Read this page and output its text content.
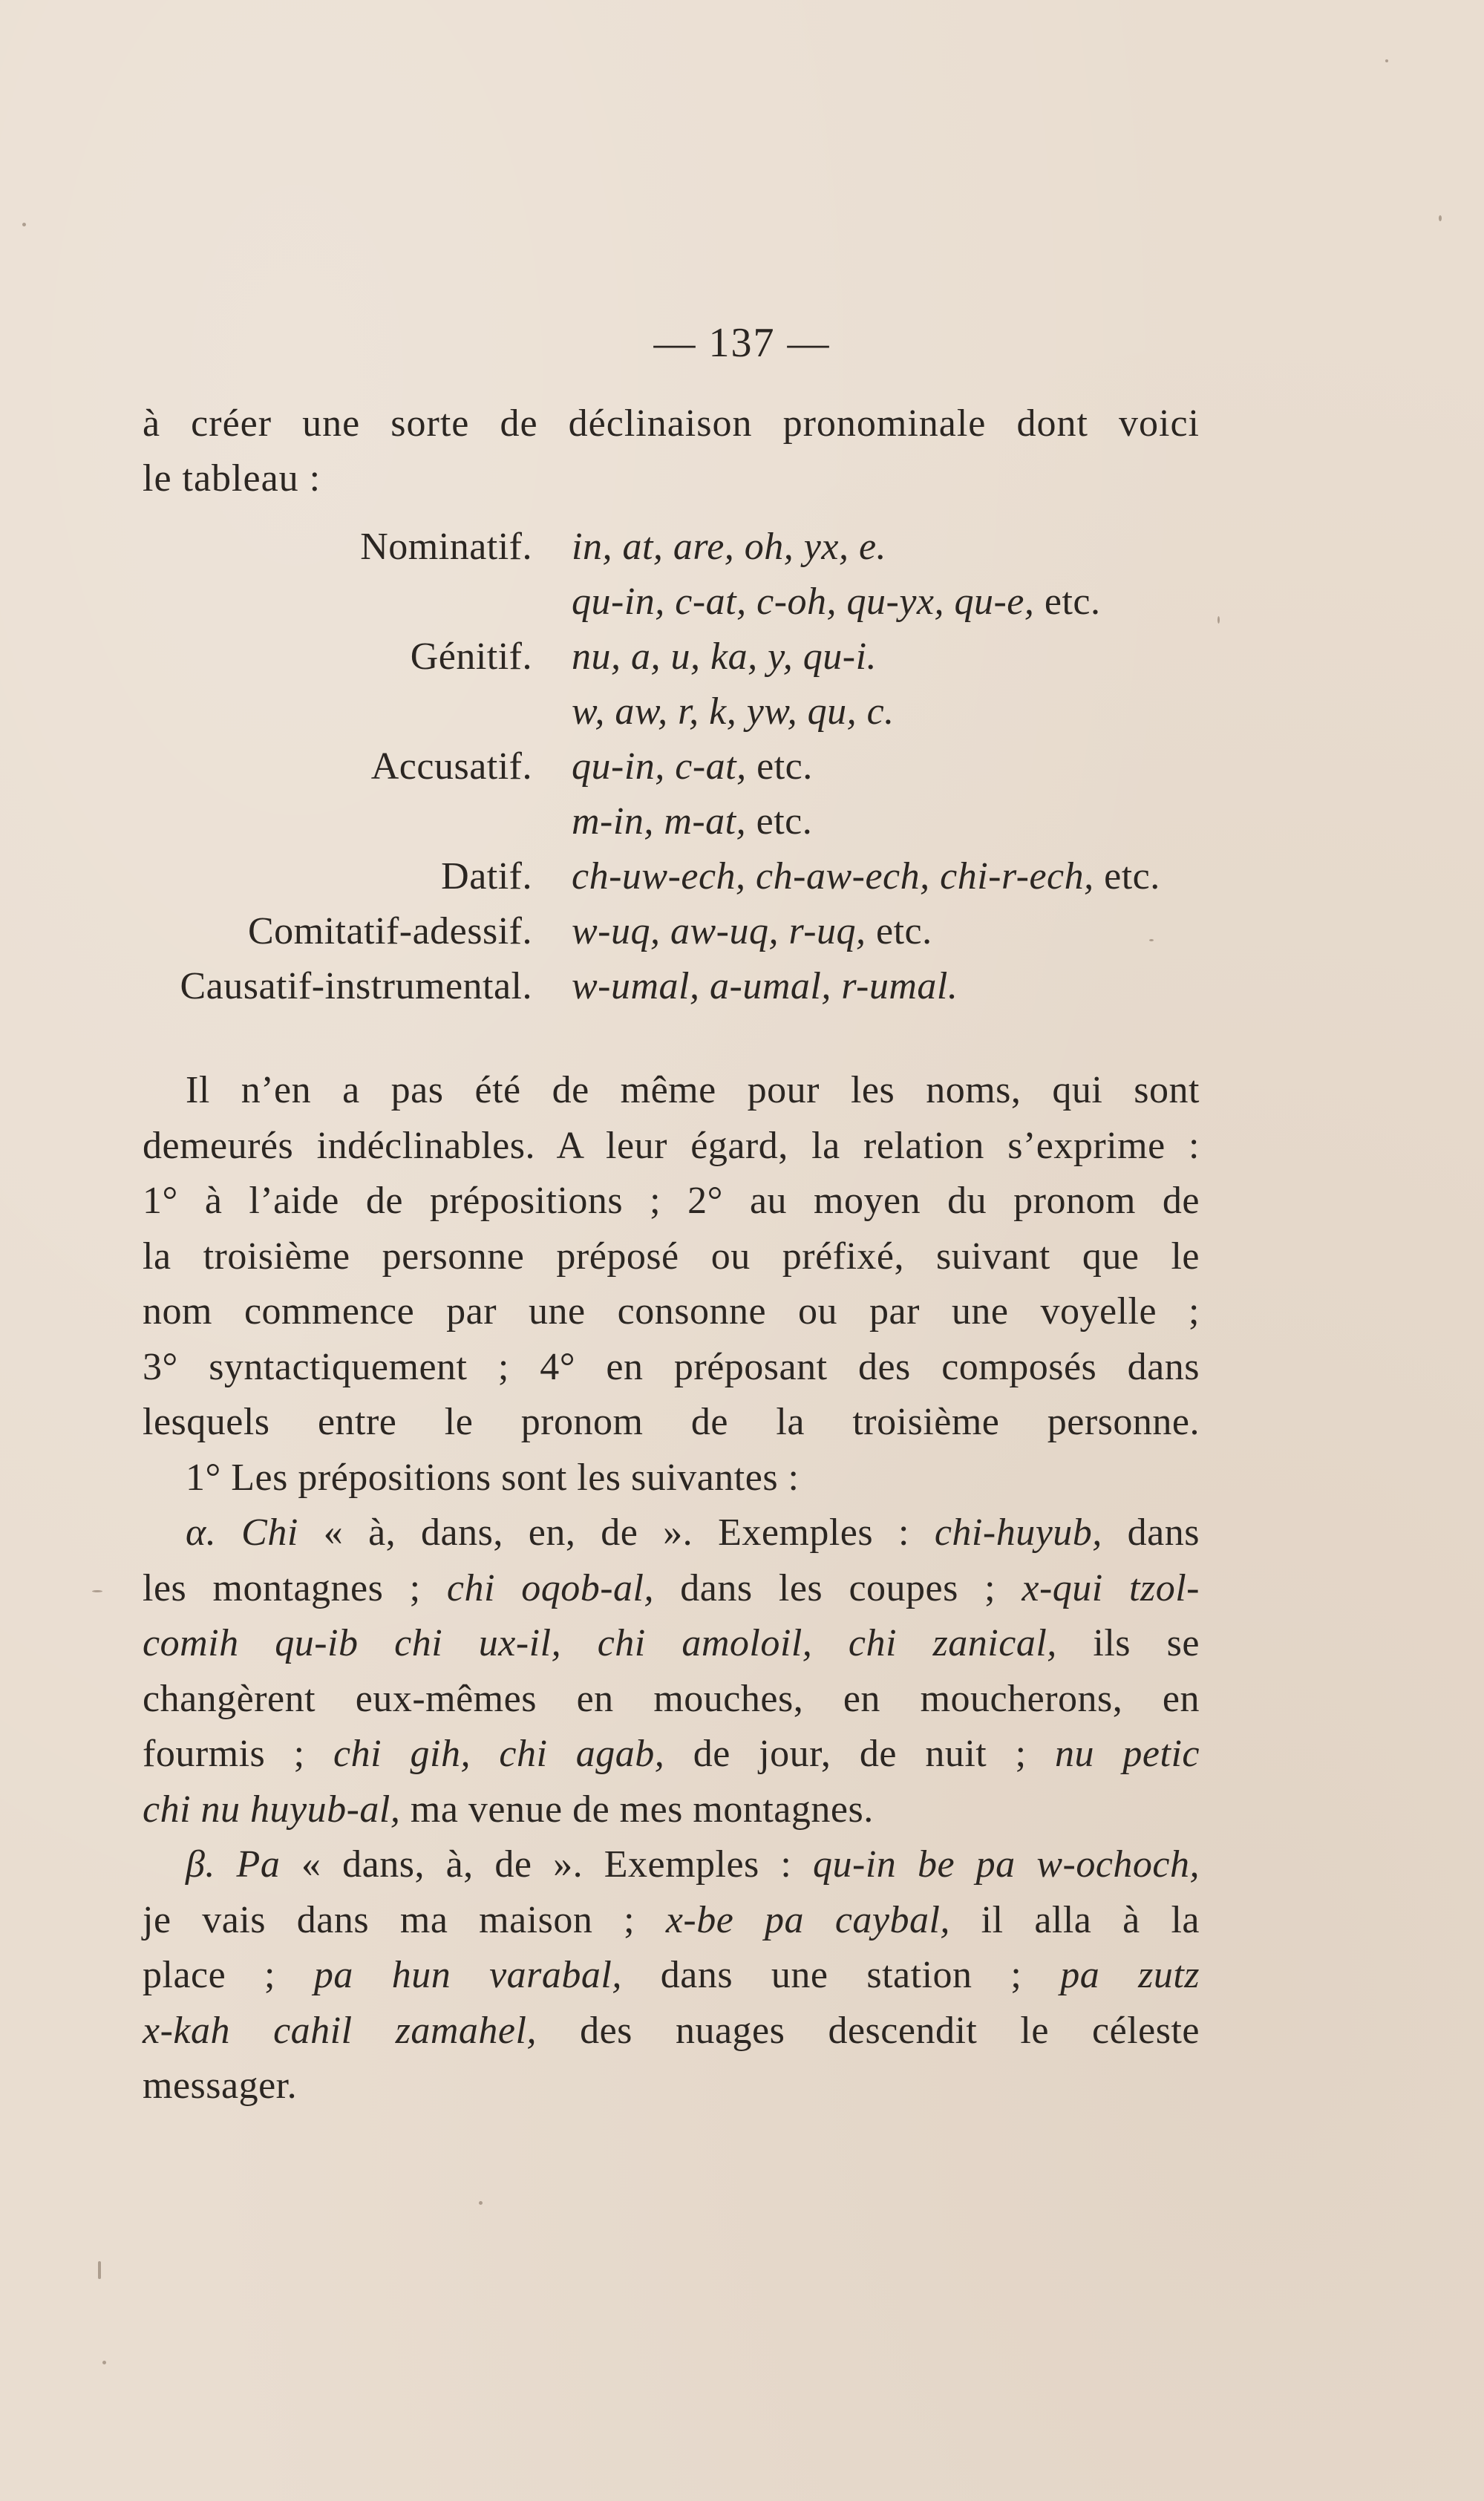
— 137 —
à créer une sorte de déclinaison pronominale dont voici
le tableau :
Nominatif. in, at, are, oh, yx, e.
qu-in, c-at, c-oh, qu-yx, qu-e, etc.
Génitif. nu, a, u, ka, y, qu-i.
w, aw, r, k, yw, qu, c.
Accusatif. qu-in, c-at, etc.
m-in, m-at, etc.
Datif. ch-uw-ech, ch-aw-ech, chi-r-ech, etc.
Comitatif-adessif. w-uq, aw-uq, r-uq, etc.
Causatif-instrumental. w-umal, a-umal, r-umal.
Il n’en a pas été de même pour les noms, qui sont
demeurés indéclinables. A leur égard, la relation s’exprime :
1° à l’aide de prépositions ; 2° au moyen du pronom de
la troisième personne préposé ou préfixé, suivant que le
nom commence par une consonne ou par une voyelle ;
3° syntactiquement ; 4° en préposant des composés dans
lesquels entre le pronom de la troisième personne.
1° Les prépositions sont les suivantes :
α. Chi « à, dans, en, de ». Exemples : chi-huyub, dans
les montagnes ; chi oqob-al, dans les coupes ; x-qui tzol-
comih qu-ib chi ux-il, chi amoloil, chi zanical, ils se
changèrent eux-mêmes en mouches, en moucherons, en
fourmis ; chi gih, chi agab, de jour, de nuit ; nu petic
chi nu huyub-al, ma venue de mes montagnes.
β. Pa « dans, à, de ». Exemples : qu-in be pa w-ochoch,
je vais dans ma maison ; x-be pa caybal, il alla à la
place ; pa hun varabal, dans une station ; pa zutz
x-kah cahil zamahel, des nuages descendit le céleste
messager.
